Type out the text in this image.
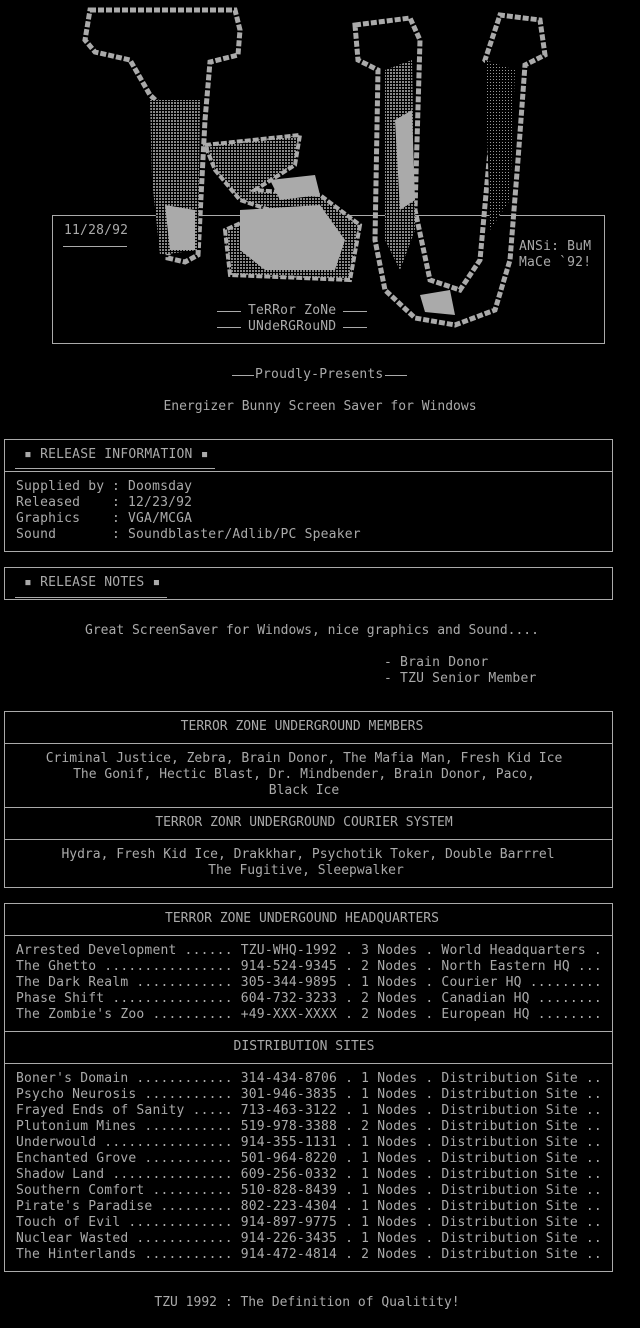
11/28/92
ANSi: BuM
MaCe `92!
TeRRor ZoNe
UNdeRGRouND
Proudly-Presents
Energizer Bunny Screen Saver for Windows
▪ RELEASE INFORMATION ▪
Supplied by : Doomsday
Released : 12/23/92
Graphics : VGA/MCGA
Sound	: Soundblaster/Adlib/PC Speaker
▪ RELEASE NOTES ▪
Great ScreenSaver for Windows, nice graphics and Sound....
- Brain Donor
- TZU Senior Member
TERROR ZONE UNDERGROUND MEMBERS
Criminal Justice, Zebra, Brain Donor, The Mafia Man, Fresh Kid Ice
The Gonif, Hectic Blast, Dr. Mindbender, Brain Donor, Paco,
Black Ice
TERROR ZONR UNDERGROUND COURIER SYSTEM
Hydra, Fresh Kid Ice, Drakkhar, Psychotik Toker, Double Barrrel
The Fugitive, Sleepwalker
TERROR ZONE UNDERGOUND HEADQUARTERS
Arrested Development ...... TZU-WHQ-1992 . 3 Nodes . World Headquarters .
The Ghetto ................ 914-524-9345 . 2 Nodes . North Eastern HQ ...
The Dark Realm ............ 305-344-9895 . 1 Nodes . Courier HQ .........
Phase Shift ............... 604-732-3233 . 2 Nodes . Canadian HQ ........
The Zombie's Zoo .......... +49-XXX-XXXX . 2 Nodes . European HQ ........
DISTRIBUTION SITES
Boner's Domain ............ 314-434-8706 . 1 Nodes . Distribution Site ..
Psycho Neurosis ........... 301-946-3835 . 1 Nodes . Distribution Site ..
Frayed Ends of Sanity ..... 713-463-3122 . 1 Nodes . Distribution Site ..
Plutonium Mines ........... 519-978-3388 . 2 Nodes . Distribution Site ..
Underwould ................ 914-355-1131 . 1 Nodes . Distribution Site ..
Enchanted Grove ........... 501-964-8220 . 1 Nodes . Distribution Site ..
Shadow Land ............... 609-256-0332 . 1 Nodes . Distribution Site ..
Southern Comfort .......... 510-828-8439 . 1 Nodes . Distribution Site ..
Pirate's Paradise ......... 802-223-4304 . 1 Nodes . Distribution Site ..
Touch of Evil ............. 914-897-9775 . 1 Nodes . Distribution Site ..
Nuclear Wasted ............ 914-226-3435 . 1 Nodes . Distribution Site ..
The Hinterlands ........... 914-472-4814 . 2 Nodes . Distribution Site ..
TZU 1992 : The Definition of Qualitity!
